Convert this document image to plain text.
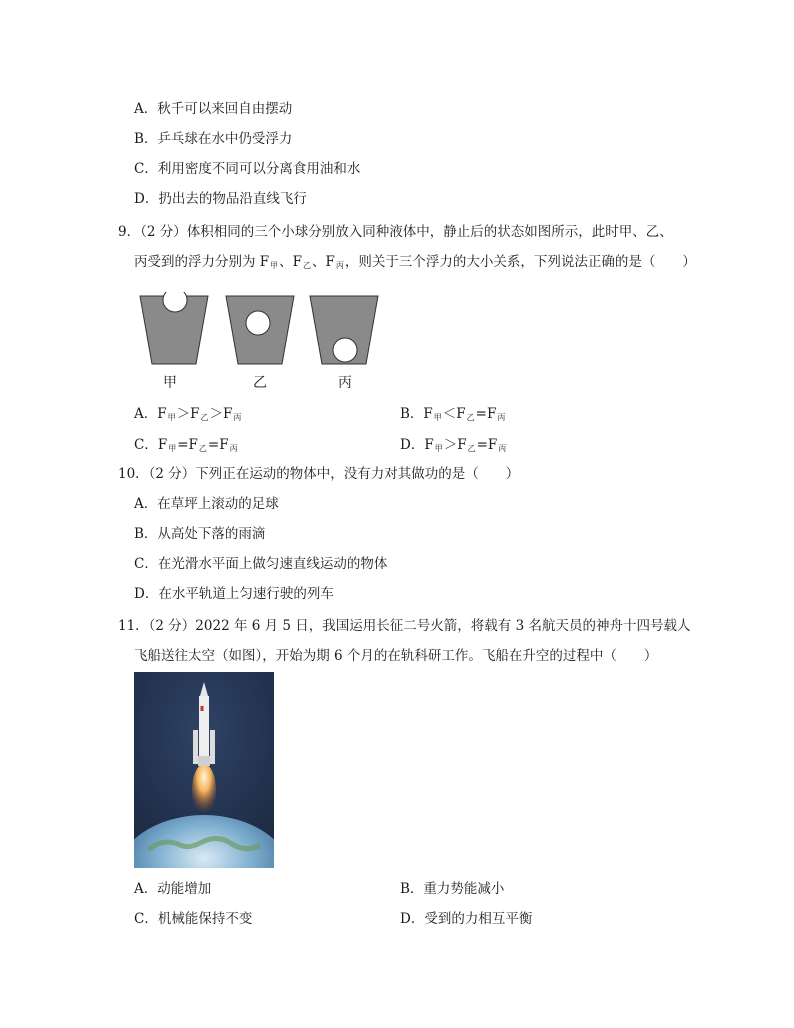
A．秋千可以来回自由摆动
B．乒乓球在水中仍受浮力
C．利用密度不同可以分离食用油和水
D．扔出去的物品沿直线飞行
9．（2 分）体积相同的三个小球分别放入同种液体中，静止后的状态如图所示，此时甲、乙、
丙受到的浮力分别为 $F_甲$、$F_乙$、$F_丙$，则关于三个浮力的大小关系，下列说法正确的是（　　）
甲	乙	丙
A．$F_甲>F_乙>F_丙$	B．$F_甲<F_乙=F_丙$
C．$F_甲=F_乙=F_丙$	D．$F_甲>F_乙=F_丙$
10．（2 分）下列正在运动的物体中，没有力对其做功的是（　　）
A．在草坪上滚动的足球
B．从高处下落的雨滴
C．在光滑水平面上做匀速直线运动的物体
D．在水平轨道上匀速行驶的列车
11．（2 分）2022 年 6 月 5 日，我国运用长征二号火箭，将载有 3 名航天员的神舟十四号载人
飞船送往太空（如图），开始为期 6 个月的在轨科研工作。飞船在升空的过程中（　　）
A．动能增加	B．重力势能减小
C．机械能保持不变	D．受到的力相互平衡
